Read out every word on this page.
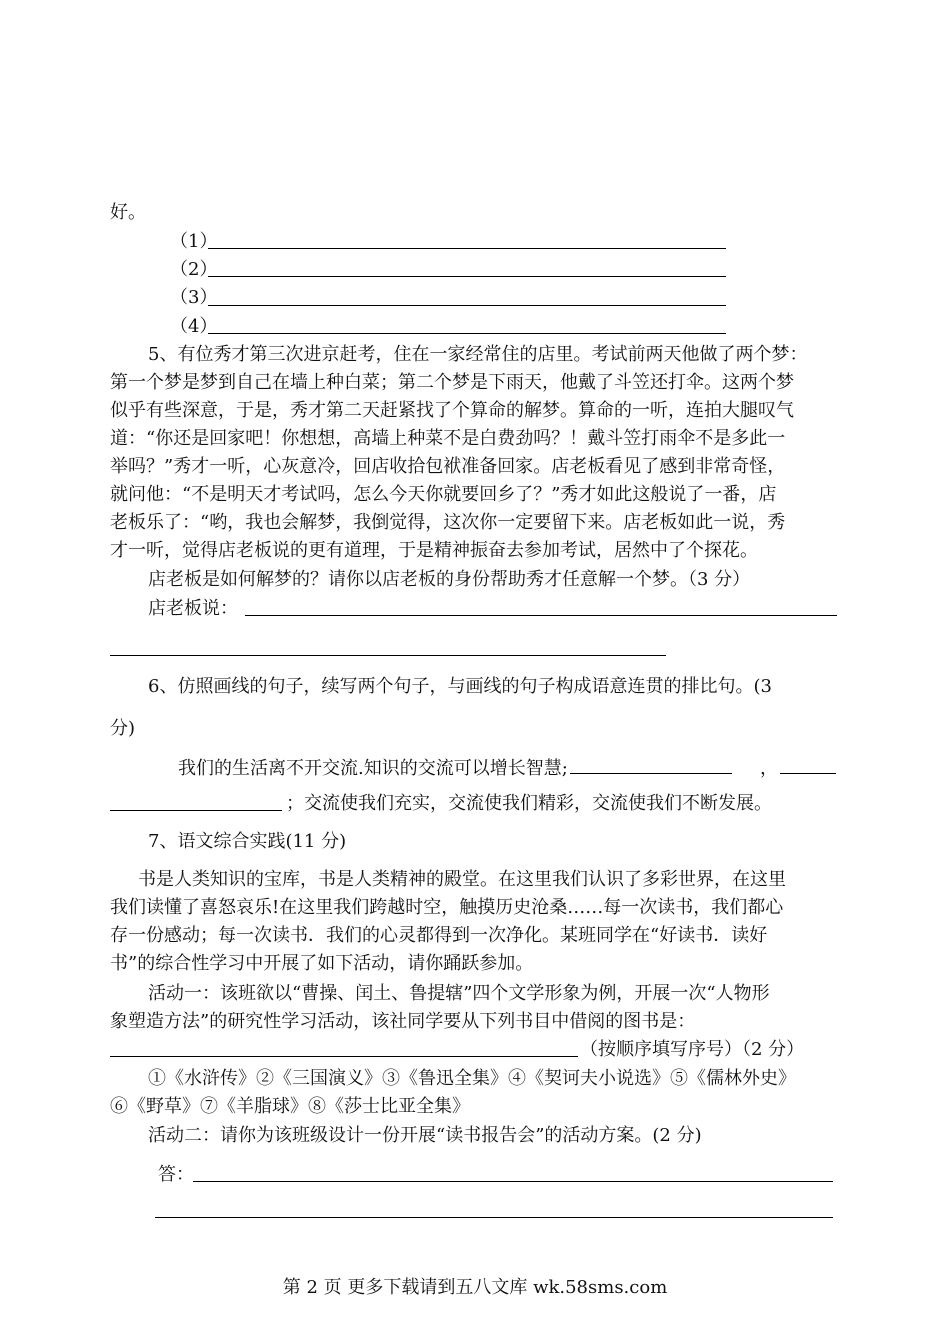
好。
（1）
（2）
（3）
（4）
5、有位秀才第三次进京赶考，住在一家经常住的店里。考试前两天他做了两个梦：
第一个梦是梦到自己在墙上种白菜；第二个梦是下雨天，他戴了斗笠还打伞。这两个梦
似乎有些深意，于是，秀才第二天赶紧找了个算命的解梦。算命的一听，连拍大腿叹气
道：“你还是回家吧！你想想，高墙上种菜不是白费劲吗？！戴斗笠打雨伞不是多此一
举吗？”秀才一听，心灰意冷，回店收拾包袱准备回家。店老板看见了感到非常奇怪，
就问他：“不是明天才考试吗，怎么今天你就要回乡了？”秀才如此这般说了一番，店
老板乐了：“哟，我也会解梦，我倒觉得，这次你一定要留下来。店老板如此一说，秀
才一听，觉得店老板说的更有道理，于是精神振奋去参加考试，居然中了个探花。
店老板是如何解梦的？请你以店老板的身份帮助秀才任意解一个梦。（3 分）
店老板说：
6、仿照画线的句子，续写两个句子，与画线的句子构成语意连贯的排比句。(3
分)
我们的生活离不开交流.知识的交流可以增长智慧;	，
；交流使我们充实，交流使我们精彩，交流使我们不断发展。
7、语文综合实践(11 分)
书是人类知识的宝库，书是人类精神的殿堂。在这里我们认识了多彩世界，在这里
我们读懂了喜怒哀乐!在这里我们跨越时空，触摸历史沧桑……每一次读书，我们都心
存一份感动；每一次读书．我们的心灵都得到一次净化。某班同学在“好读书．读好
书”的综合性学习中开展了如下活动，请你踊跃参加。
活动一：该班欲以“曹操、闰土、鲁提辖”四个文学形象为例，开展一次“人物形
象塑造方法”的研究性学习活动，该社同学要从下列书目中借阅的图书是：
（按顺序填写序号）（2 分）
①《水浒传》②《三国演义》③《鲁迅全集》④《契诃夫小说选》⑤《儒林外史》
⑥《野草》⑦《羊脂球》⑧《莎士比亚全集》
活动二：请你为该班级设计一份开展“读书报告会”的活动方案。(2 分)
答：
第 2 页 更多下载请到五八文库 wk.58sms.com
